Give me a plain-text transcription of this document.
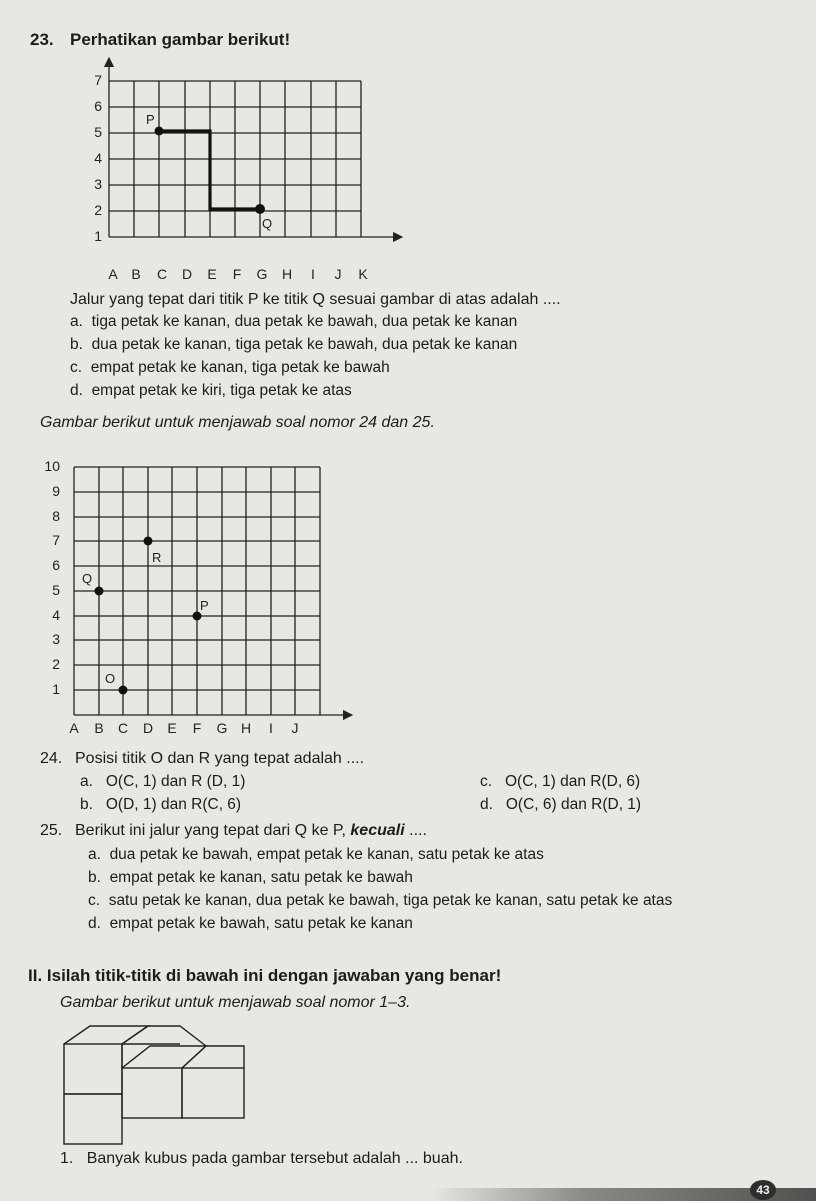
23. Perhatikan gambar berikut!
P
Q
7
6
5
4
3
2
1
A B C D E F G H I J K
Jalur yang tepat dari titik P ke titik Q sesuai gambar di atas adalah ....
a. tiga petak ke kanan, dua petak ke bawah, dua petak ke kanan
b. dua petak ke kanan, tiga petak ke bawah, dua petak ke kanan
c. empat petak ke kanan, tiga petak ke bawah
d. empat petak ke kiri, tiga petak ke atas
Gambar berikut untuk menjawab soal nomor 24 dan 25.
R
Q
P
O
10
9
8
7
6
5
4
3
2
1
A B C D E F G H I J
24. Posisi titik O dan R yang tepat adalah ....
a. O(C, 1) dan R (D, 1)
b. O(D, 1) dan R(C, 6)
c. O(C, 1) dan R(D, 6)
d. O(C, 6) dan R(D, 1)
25. Berikut ini jalur yang tepat dari Q ke P, kecuali ....
a. dua petak ke bawah, empat petak ke kanan, satu petak ke atas
b. empat petak ke kanan, satu petak ke bawah
c. satu petak ke kanan, dua petak ke bawah, tiga petak ke kanan, satu petak ke atas
d. empat petak ke bawah, satu petak ke kanan
II. Isilah titik-titik di bawah ini dengan jawaban yang benar!
Gambar berikut untuk menjawab soal nomor 1–3.
1. Banyak kubus pada gambar tersebut adalah ... buah.
43
